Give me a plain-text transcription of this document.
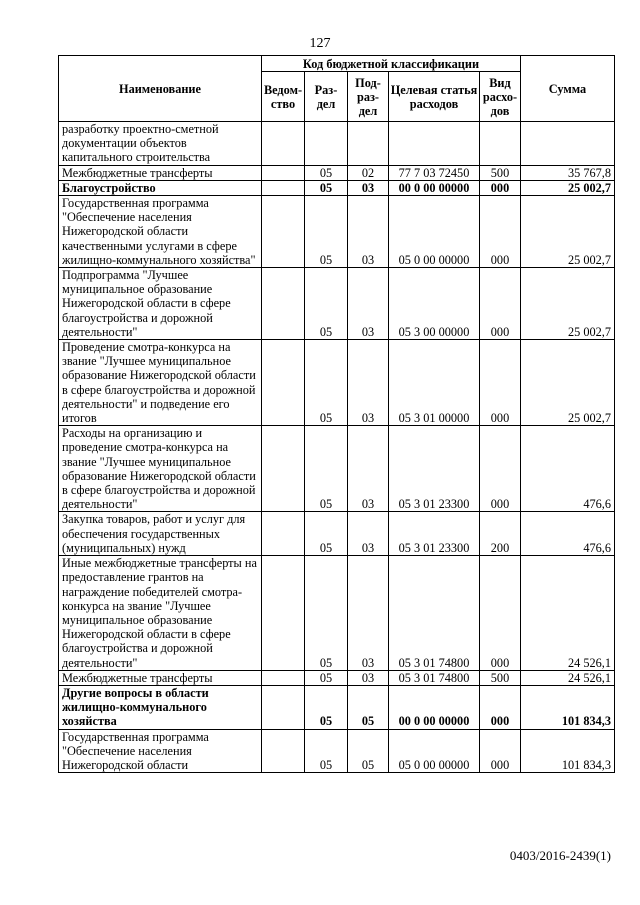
127
Наименование	Код бюджетной классификации					Сумма
	Ведом-ство	Раз-дел	Под-раз-дел	Целевая статья расходов	Вид расхо-дов	
разработку проектно-сметной документации объектов капитального строительства						
Межбюджетные трансферты		05	02	77 7 03 72450	500	35 767,8
Благоустройство		05	03	00 0 00 00000	000	25 002,7
Государственная программа "Обеспечение населения Нижегородской области качественными услугами в сфере жилищно-коммунального хозяйства"		05	03	05 0 00 00000	000	25 002,7
Подпрограмма "Лучшее муниципальное образование Нижегородской области в сфере благоустройства и дорожной деятельности"		05	03	05 3 00 00000	000	25 002,7
Проведение смотра-конкурса на звание "Лучшее муниципальное образование Нижегородской области в сфере благоустройства и дорожной деятельности" и подведение его итогов		05	03	05 3 01 00000	000	25 002,7
Расходы на организацию и проведение смотра-конкурса на звание "Лучшее муниципальное образование Нижегородской области в сфере благоустройства и дорожной деятельности"		05	03	05 3 01 23300	000	476,6
Закупка товаров, работ и услуг для обеспечения государственных (муниципальных) нужд		05	03	05 3 01 23300	200	476,6
Иные межбюджетные трансферты на предоставление грантов на награждение победителей смотра-конкурса на звание "Лучшее муниципальное образование Нижегородской области в сфере благоустройства и дорожной деятельности"		05	03	05 3 01 74800	000	24 526,1
Межбюджетные трансферты		05	03	05 3 01 74800	500	24 526,1
Другие вопросы в области жилищно-коммунального хозяйства		05	05	00 0 00 00000	000	101 834,3
Государственная программа "Обеспечение населения Нижегородской области		05	05	05 0 00 00000	000	101 834,3
0403/2016-2439(1)
